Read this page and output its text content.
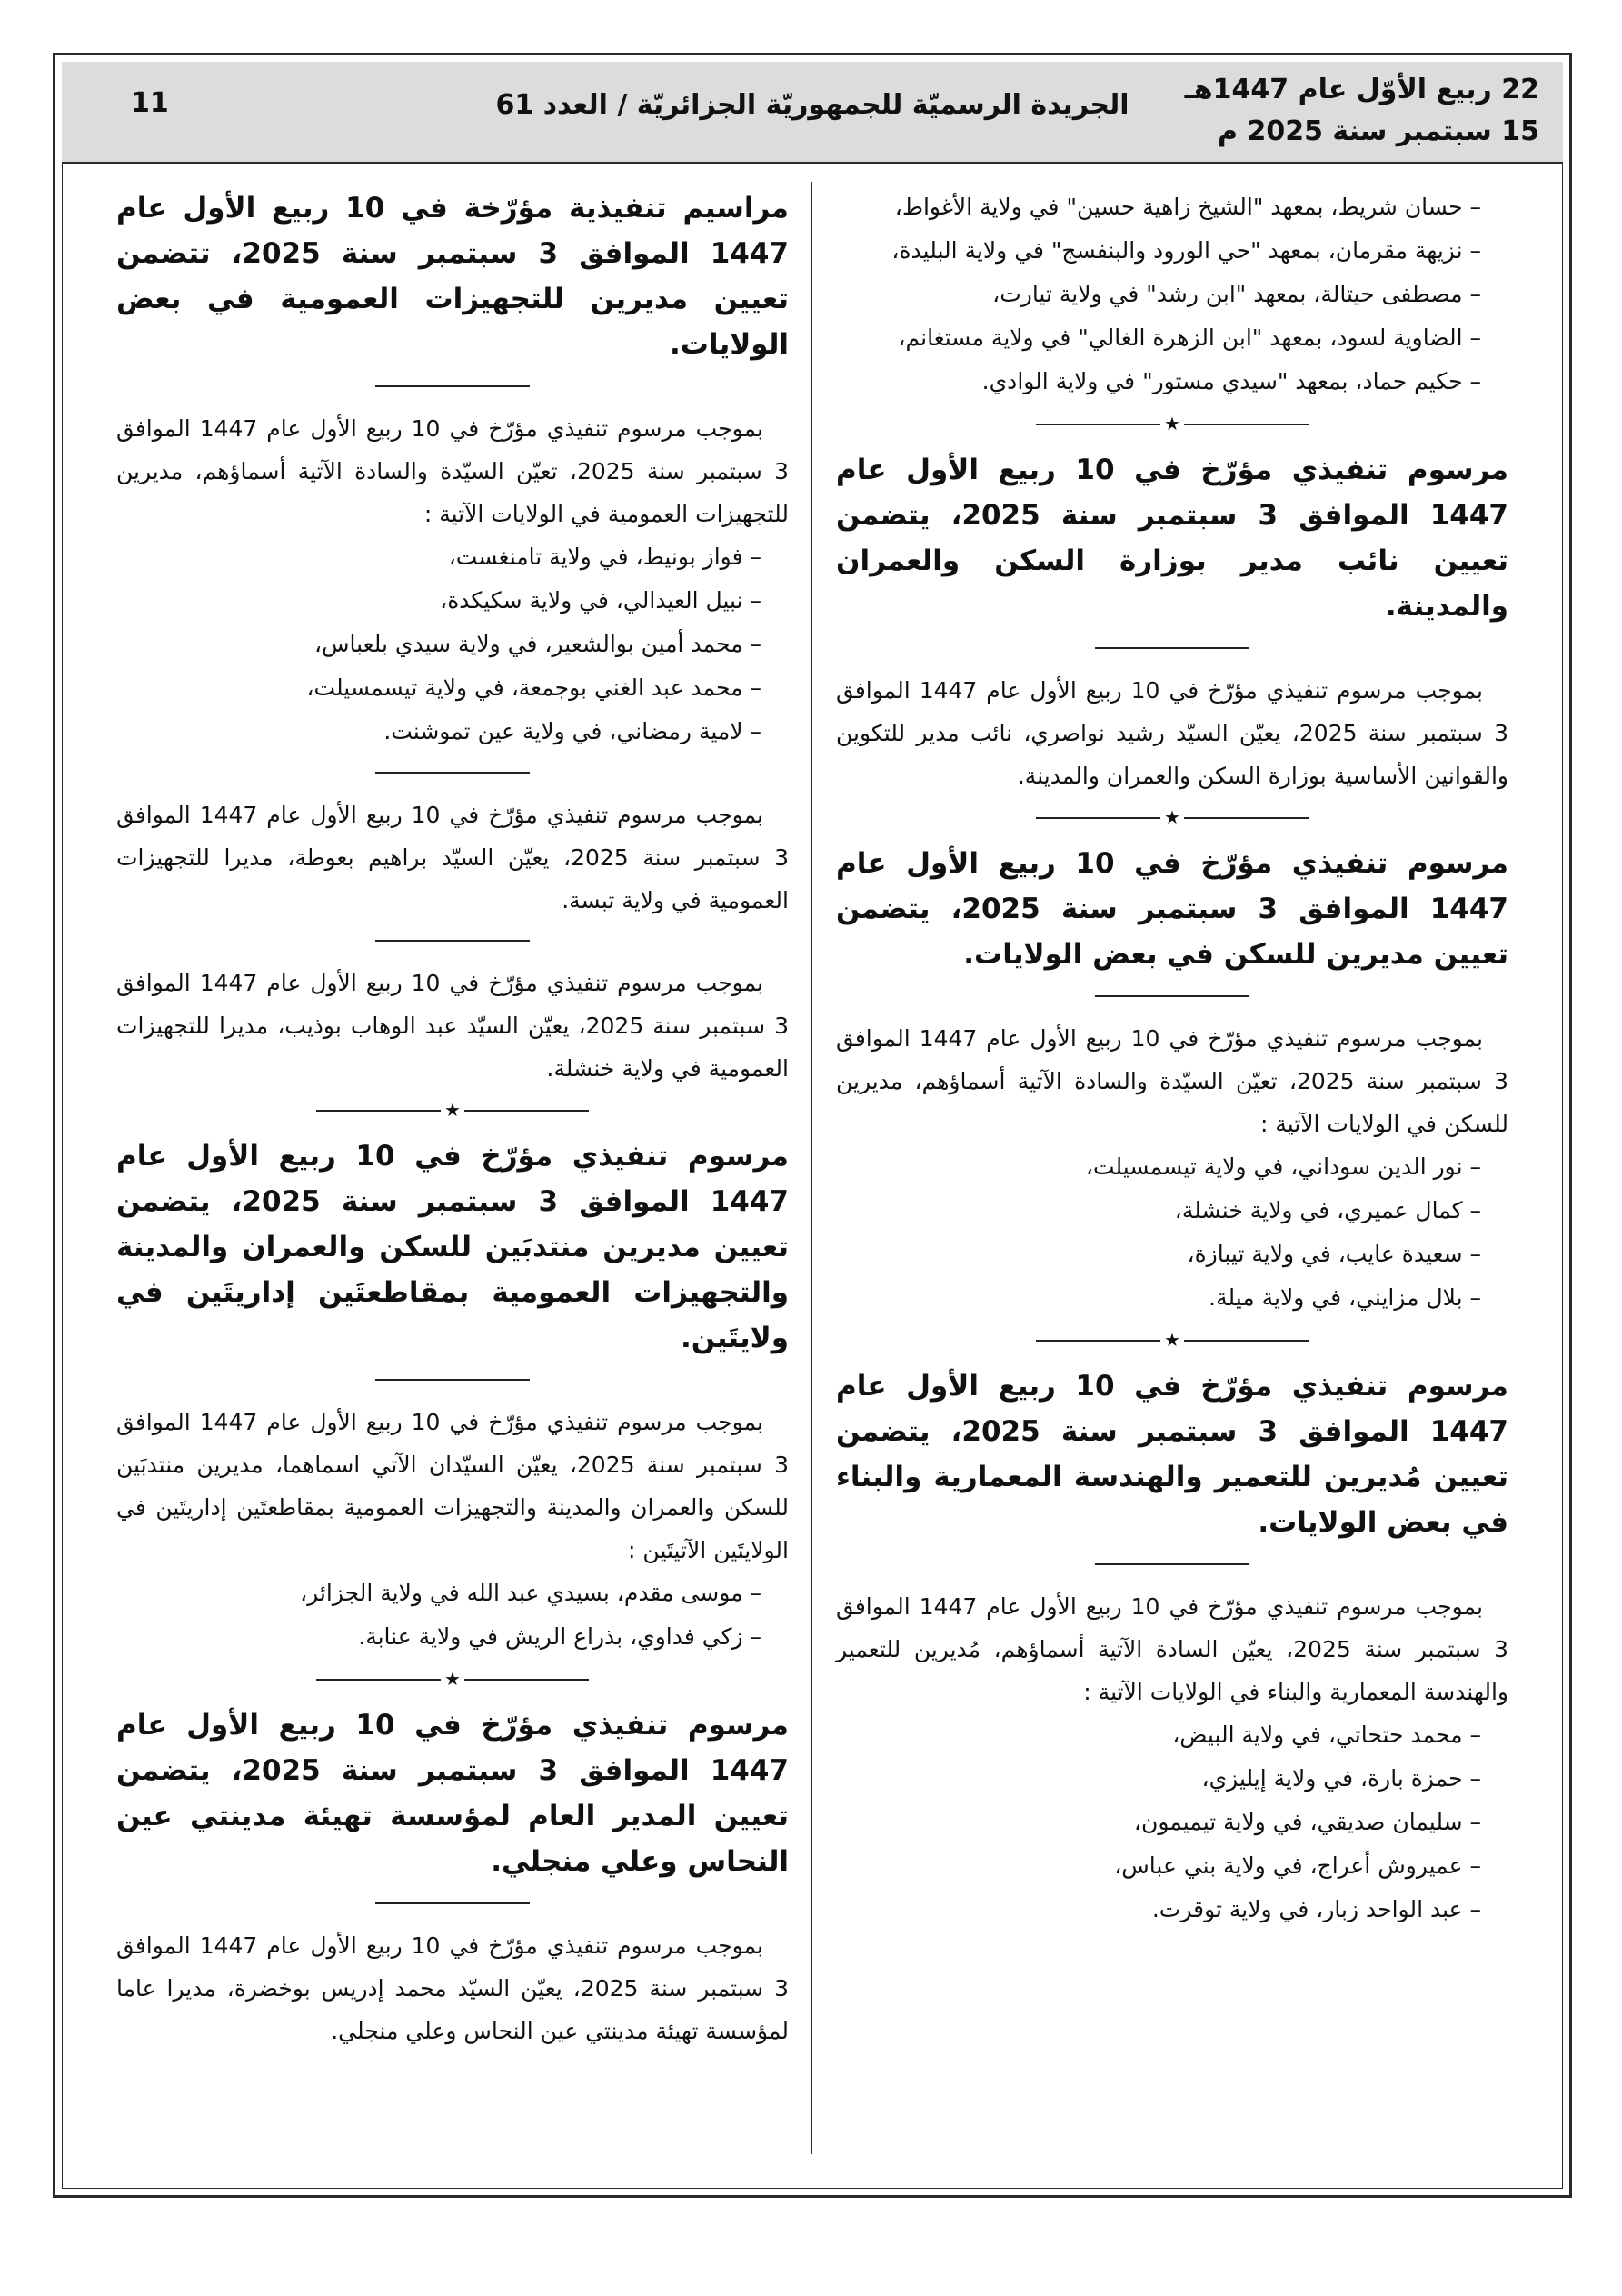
22 ربيع الأوّل عام 1447هـ
15 سبتمبر سنة 2025 م
الجريدة الرسميّة للجمهوريّة الجزائريّة / العدد 61
11

– حسان شريط، بمعهد "الشيخ زاهية حسين" في ولاية الأغواط،

– نزيهة مقرمان، بمعهد "حي الورود والبنفسج" في ولاية البليدة،

– مصطفى حيتالة، بمعهد "ابن رشد" في ولاية تيارت،

– الضاوية لسود، بمعهد "ابن الزهرة الغالي" في ولاية مستغانم،

– حكيم حماد، بمعهد "سيدي مستور" في ولاية الوادي.

★

مرسوم تنفيذي مؤرّخ في 10 ربيع الأول عام 1447 الموافق 3 سبتمبر سنة 2025، يتضمن تعيين نائب مدير بوزارة السكن والعمران والمدينة.

بموجب مرسوم تنفيذي مؤرّخ في 10 ربيع الأول عام 1447 الموافق 3 سبتمبر سنة 2025، يعيّن السيّد رشيد نواصري، نائب مدير للتكوين والقوانين الأساسية بوزارة السكن والعمران والمدينة.

★

مرسوم تنفيذي مؤرّخ في 10 ربيع الأول عام 1447 الموافق 3 سبتمبر سنة 2025، يتضمن تعيين مديرين للسكن في بعض الولايات.

بموجب مرسوم تنفيذي مؤرّخ في 10 ربيع الأول عام 1447 الموافق 3 سبتمبر سنة 2025، تعيّن السيّدة والسادة الآتية أسماؤهم، مديرين للسكن في الولايات الآتية :

– نور الدين سوداني، في ولاية تيسمسيلت،

– كمال عميري، في ولاية خنشلة،

– سعيدة عايب، في ولاية تيبازة،

– بلال مزايني، في ولاية ميلة.

★

مرسوم تنفيذي مؤرّخ في 10 ربيع الأول عام 1447 الموافق 3 سبتمبر سنة 2025، يتضمن تعيين مُديرين للتعمير والهندسة المعمارية والبناء في بعض الولايات.

بموجب مرسوم تنفيذي مؤرّخ في 10 ربيع الأول عام 1447 الموافق 3 سبتمبر سنة 2025، يعيّن السادة الآتية أسماؤهم، مُديرين للتعمير والهندسة المعمارية والبناء في الولايات الآتية :

– محمد حتحاتي، في ولاية البيض،

– حمزة بارة، في ولاية إيليزي،

– سليمان صديقي، في ولاية تيميمون،

– عميروش أعراج، في ولاية بني عباس،

– عبد الواحد زبار، في ولاية توقرت.

مراسيم تنفيذية مؤرّخة في 10 ربيع الأول عام 1447 الموافق 3 سبتمبر سنة 2025، تتضمن تعيين مديرين للتجهيزات العمومية في بعض الولايات.

بموجب مرسوم تنفيذي مؤرّخ في 10 ربيع الأول عام 1447 الموافق 3 سبتمبر سنة 2025، تعيّن السيّدة والسادة الآتية أسماؤهم، مديرين للتجهيزات العمومية في الولايات الآتية :

– فواز بونيط، في ولاية تامنغست،

– نبيل العيدالي، في ولاية سكيكدة،

– محمد أمين بوالشعير، في ولاية سيدي بلعباس،

– محمد عبد الغني بوجمعة، في ولاية تيسمسيلت،

– لامية رمضاني، في ولاية عين تموشنت.

بموجب مرسوم تنفيذي مؤرّخ في 10 ربيع الأول عام 1447 الموافق 3 سبتمبر سنة 2025، يعيّن السيّد براهيم بعوطة، مديرا للتجهيزات العمومية في ولاية تبسة.

بموجب مرسوم تنفيذي مؤرّخ في 10 ربيع الأول عام 1447 الموافق 3 سبتمبر سنة 2025، يعيّن السيّد عبد الوهاب بوذيب، مديرا للتجهيزات العمومية في ولاية خنشلة.

★

مرسوم تنفيذي مؤرّخ في 10 ربيع الأول عام 1447 الموافق 3 سبتمبر سنة 2025، يتضمن تعيين مديرين منتدبَين للسكن والعمران والمدينة والتجهيزات العمومية بمقاطعتَين إداريتَين في ولايتَين.

بموجب مرسوم تنفيذي مؤرّخ في 10 ربيع الأول عام 1447 الموافق 3 سبتمبر سنة 2025، يعيّن السيّدان الآتي اسماهما، مديرين منتدبَين للسكن والعمران والمدينة والتجهيزات العمومية بمقاطعتَين إداريتَين في الولايتَين الآتيتَين :

– موسى مقدم، بسيدي عبد الله في ولاية الجزائر،

– زكي فداوي، بذراع الريش في ولاية عنابة.

★

مرسوم تنفيذي مؤرّخ في 10 ربيع الأول عام 1447 الموافق 3 سبتمبر سنة 2025، يتضمن تعيين المدير العام لمؤسسة تهيئة مدينتي عين النحاس وعلي منجلي.

بموجب مرسوم تنفيذي مؤرّخ في 10 ربيع الأول عام 1447 الموافق 3 سبتمبر سنة 2025، يعيّن السيّد محمد إدريس بوخضرة، مديرا عاما لمؤسسة تهيئة مدينتي عين النحاس وعلي منجلي.
